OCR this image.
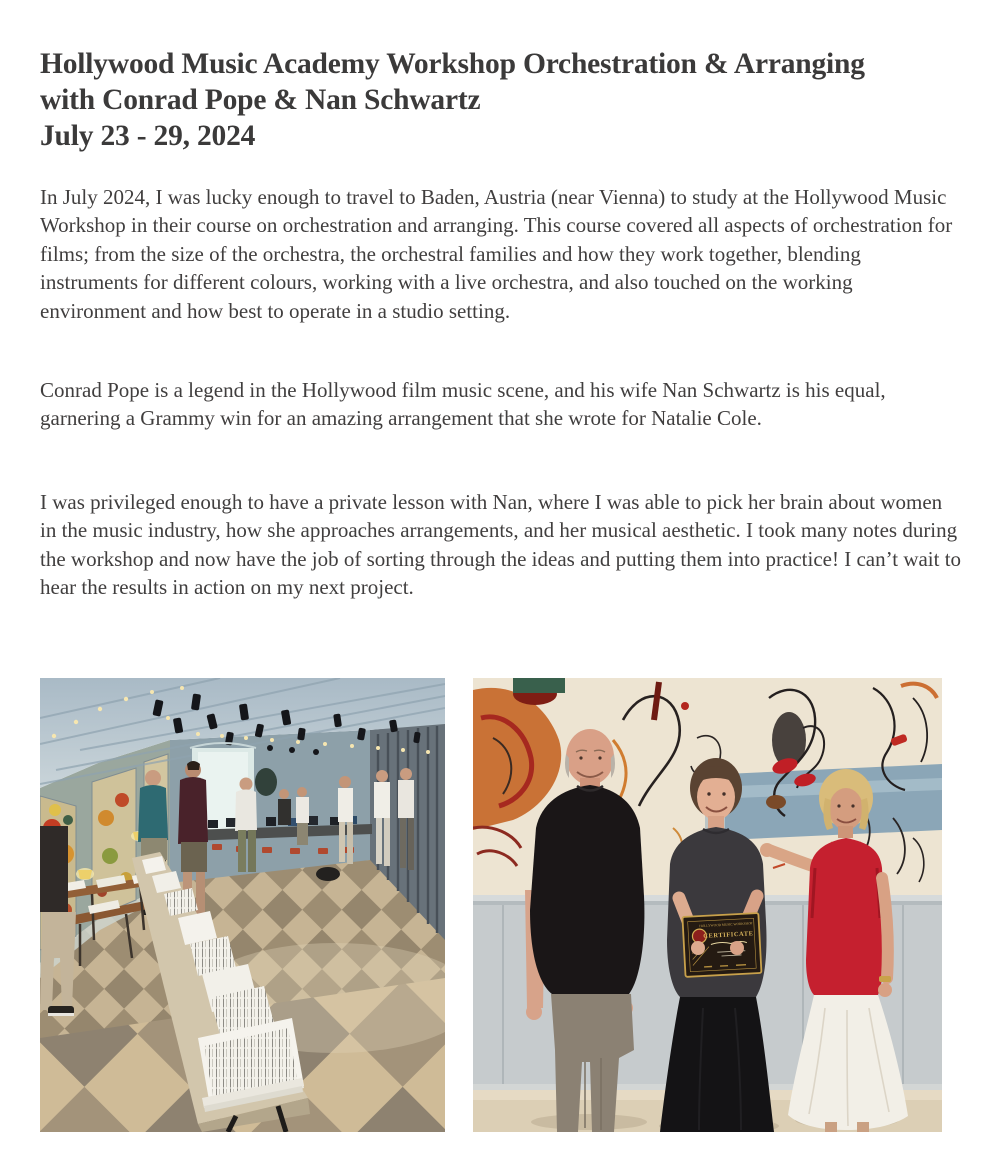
Hollywood Music Academy Workshop Orchestration & Arranging
with Conrad Pope & Nan Schwartz
July 23 - 29, 2024

In July 2024, I was lucky enough to travel to Baden, Austria (near Vienna) to study at the Hollywood Music Workshop in their course on orchestration and arranging. This course covered all aspects of orchestration for films; from the size of the orchestra, the orchestral families and how they work together, blending instruments for different colours, working with a live orchestra, and also touched on the working environment and how best to operate in a studio setting.

Conrad Pope is a legend in the Hollywood film music scene, and his wife Nan Schwartz is his equal, garnering a Grammy win for an amazing arrangement that she wrote for Natalie Cole.

I was privileged enough to have a private lesson with Nan, where I was able to pick her brain about women in the music industry, how she approaches arrangements, and her musical aesthetic. I took many notes during the workshop and now have the job of sorting through the ideas and putting them into practice! I can’t wait to hear the results in action on my next project.

HOLLYWOOD MUSIC WORKSHOP
CERTIFICATE
